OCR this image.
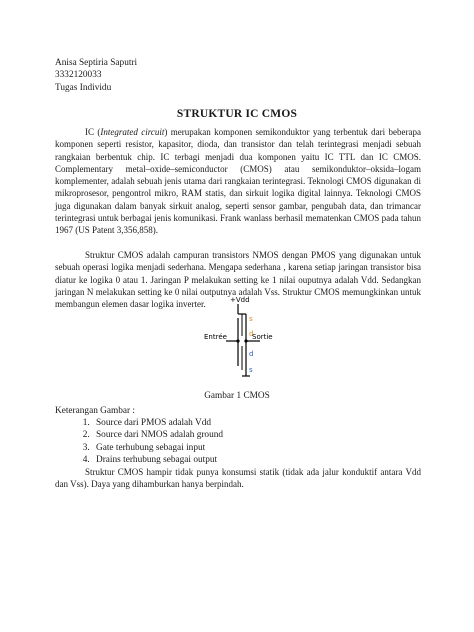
Anisa Septiria Saputri
3332120033
Tugas Individu
STRUKTUR IC CMOS

IC (Integrated circuit) merupakan komponen semikonduktor yang terbentuk dari beberapa komponen seperti resistor, kapasitor, dioda, dan transistor dan telah terintegrasi menjadi sebuah rangkaian berbentuk chip. IC terbagi menjadi dua komponen yaitu IC TTL dan IC CMOS. Complementary metal–oxide–semiconductor (CMOS) atau semikonduktor–oksida–logam komplementer, adalah sebuah jenis utama dari rangkaian terintegrasi. Teknologi CMOS digunakan di mikroprosesor, pengontrol mikro, RAM statis, dan sirkuit logika digital lainnya. Teknologi CMOS juga digunakan dalam banyak sirkuit analog, seperti sensor gambar, pengubah data, dan trimancar terintegrasi untuk berbagai jenis komunikasi. Frank wanlass berhasil mematenkan CMOS pada tahun 1967 (US Patent 3,356,858).

Struktur CMOS adalah campuran transistors NMOS dengan PMOS yang digunakan untuk sebuah operasi logika menjadi sederhana. Mengapa sederhana , karena setiap jaringan transistor bisa diatur ke logika 0 atau 1. Jaringan P melakukan setting ke 1 nilai ouputnya adalah Vdd. Sedangkan jaringan N melakukan setting ke 0 nilai outputnya adalah Vss. Struktur CMOS memungkinkan untuk membangun elemen dasar logika inverter.	+Vdd
s
d
d
s
Entrée	Sortie
Gambar 1 CMOS
Keterangan Gambar :
1. Source dari PMOS adalah Vdd
2. Source dari NMOS adalah ground
3. Gate terhubung sebagai input
4. Drains terhubung sebagai output

Struktur CMOS hampir tidak punya konsumsi statik (tidak ada jalur konduktif antara Vdd dan Vss). Daya yang dihamburkan hanya berpindah.
